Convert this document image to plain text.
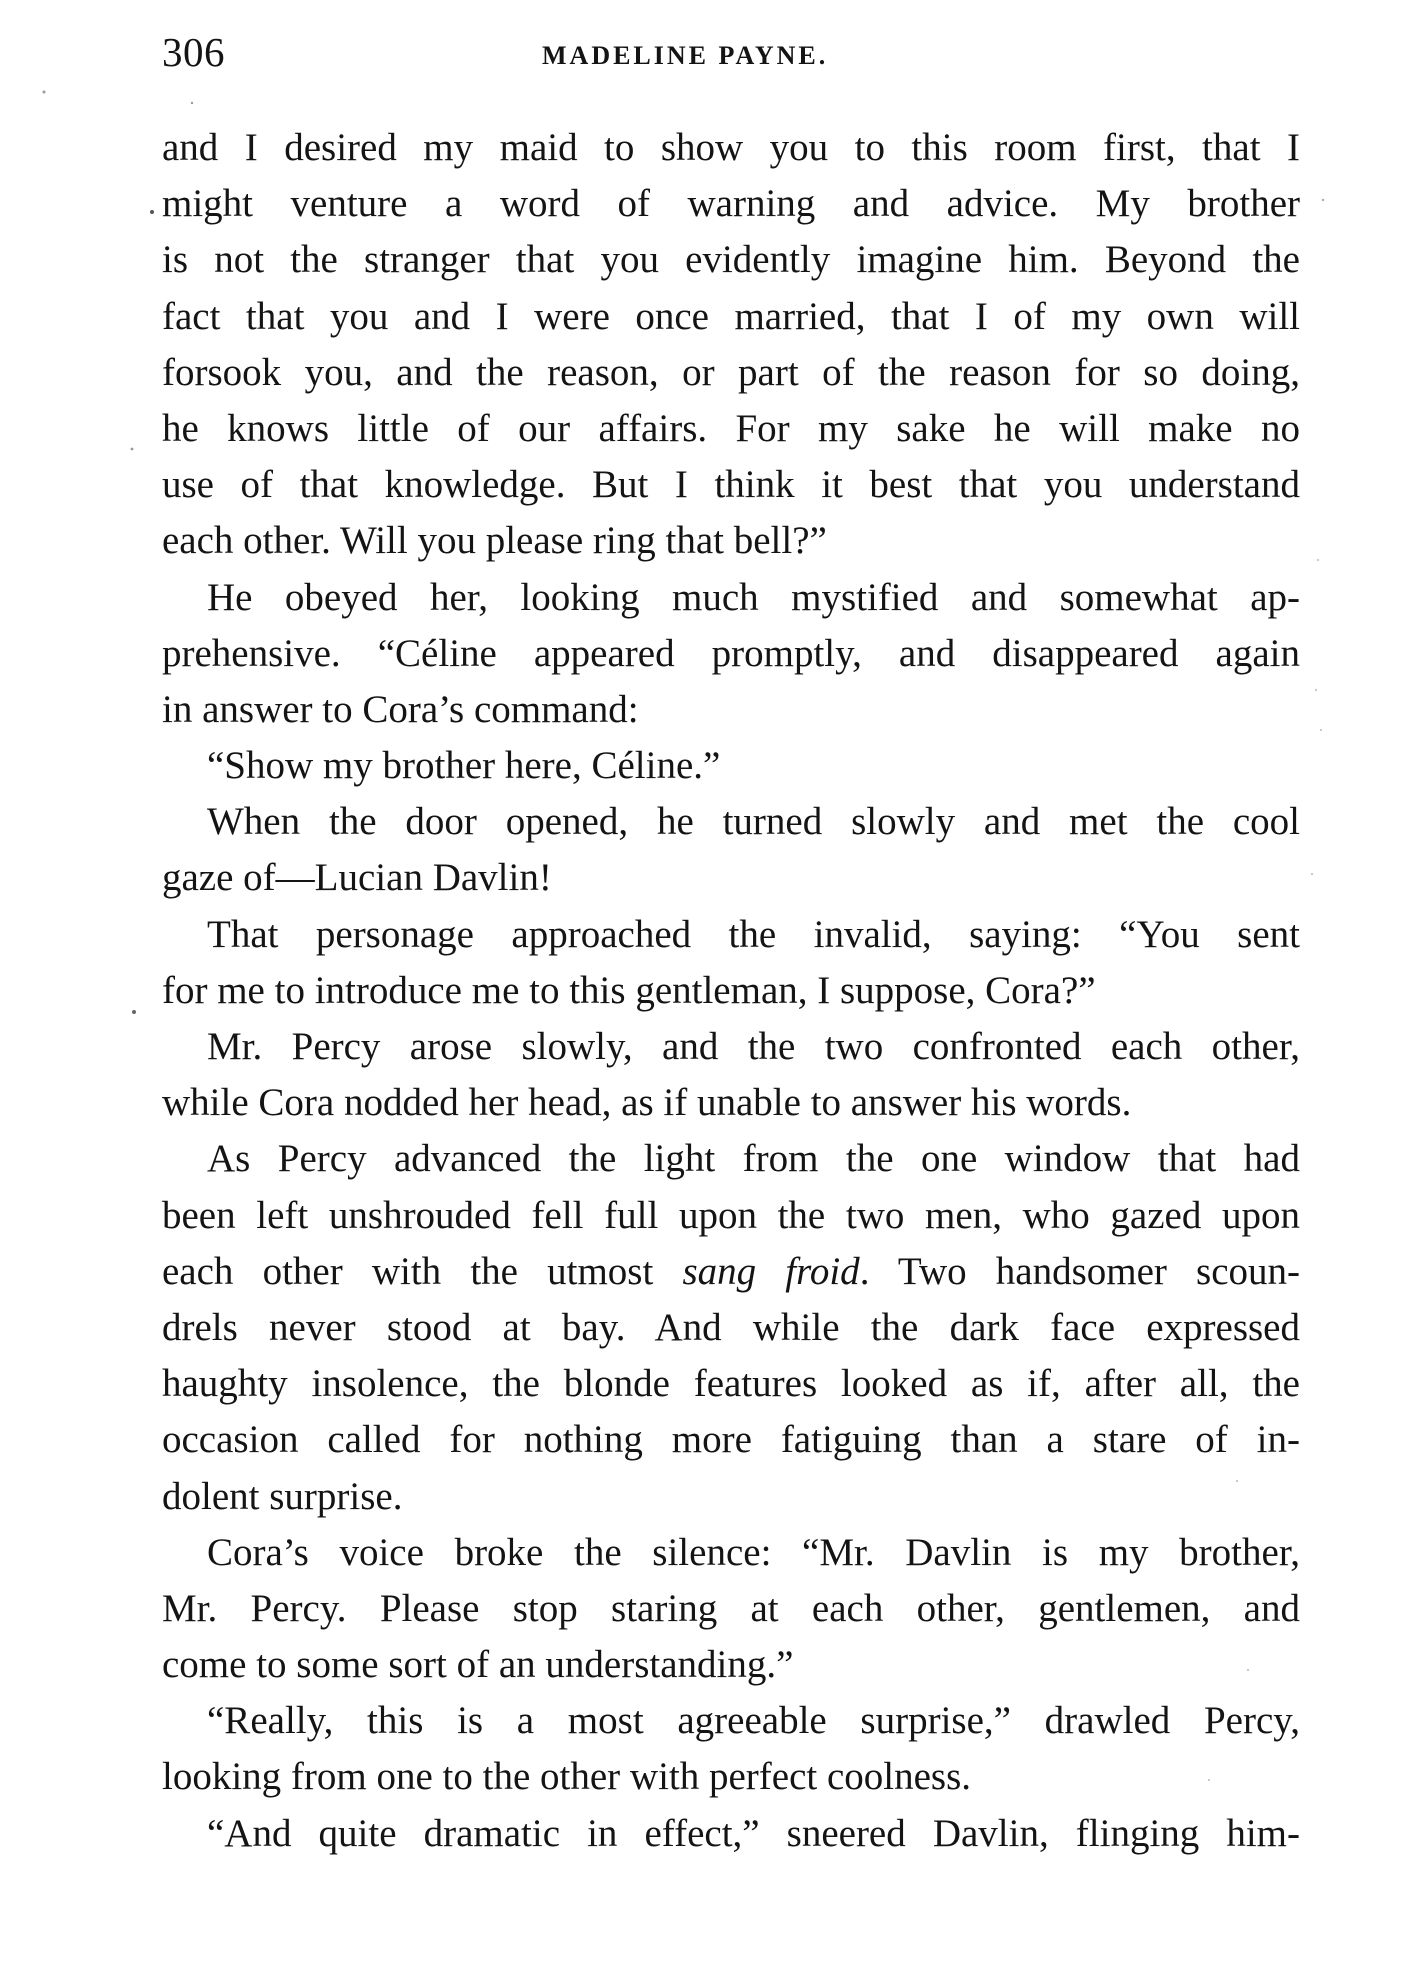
306	MADELINE PAYNE.
and I desired my maid to show you to this room first, that I
might venture a word of warning and advice. My brother
is not the stranger that you evidently imagine him. Beyond the
fact that you and I were once married, that I of my own will
forsook you, and the reason, or part of the reason for so doing,
he knows little of our affairs. For my sake he will make no
use of that knowledge. But I think it best that you understand
each other. Will you please ring that bell?”
He obeyed her, looking much mystified and somewhat ap-
prehensive. “Céline appeared promptly, and disappeared again
in answer to Cora’s command:
“Show my brother here, Céline.”
When the door opened, he turned slowly and met the cool
gaze of—Lucian Davlin!
That personage approached the invalid, saying: “You sent
for me to introduce me to this gentleman, I suppose, Cora?”
Mr. Percy arose slowly, and the two confronted each other,
while Cora nodded her head, as if unable to answer his words.
As Percy advanced the light from the one window that had
been left unshrouded fell full upon the two men, who gazed upon
each other with the utmost sang froid. Two handsomer scoun-
drels never stood at bay. And while the dark face expressed
haughty insolence, the blonde features looked as if, after all, the
occasion called for nothing more fatiguing than a stare of in-
dolent surprise.
Cora’s voice broke the silence: “Mr. Davlin is my brother,
Mr. Percy. Please stop staring at each other, gentlemen, and
come to some sort of an understanding.”
“Really, this is a most agreeable surprise,” drawled Percy,
looking from one to the other with perfect coolness.
“And quite dramatic in effect,” sneered Davlin, flinging him-
